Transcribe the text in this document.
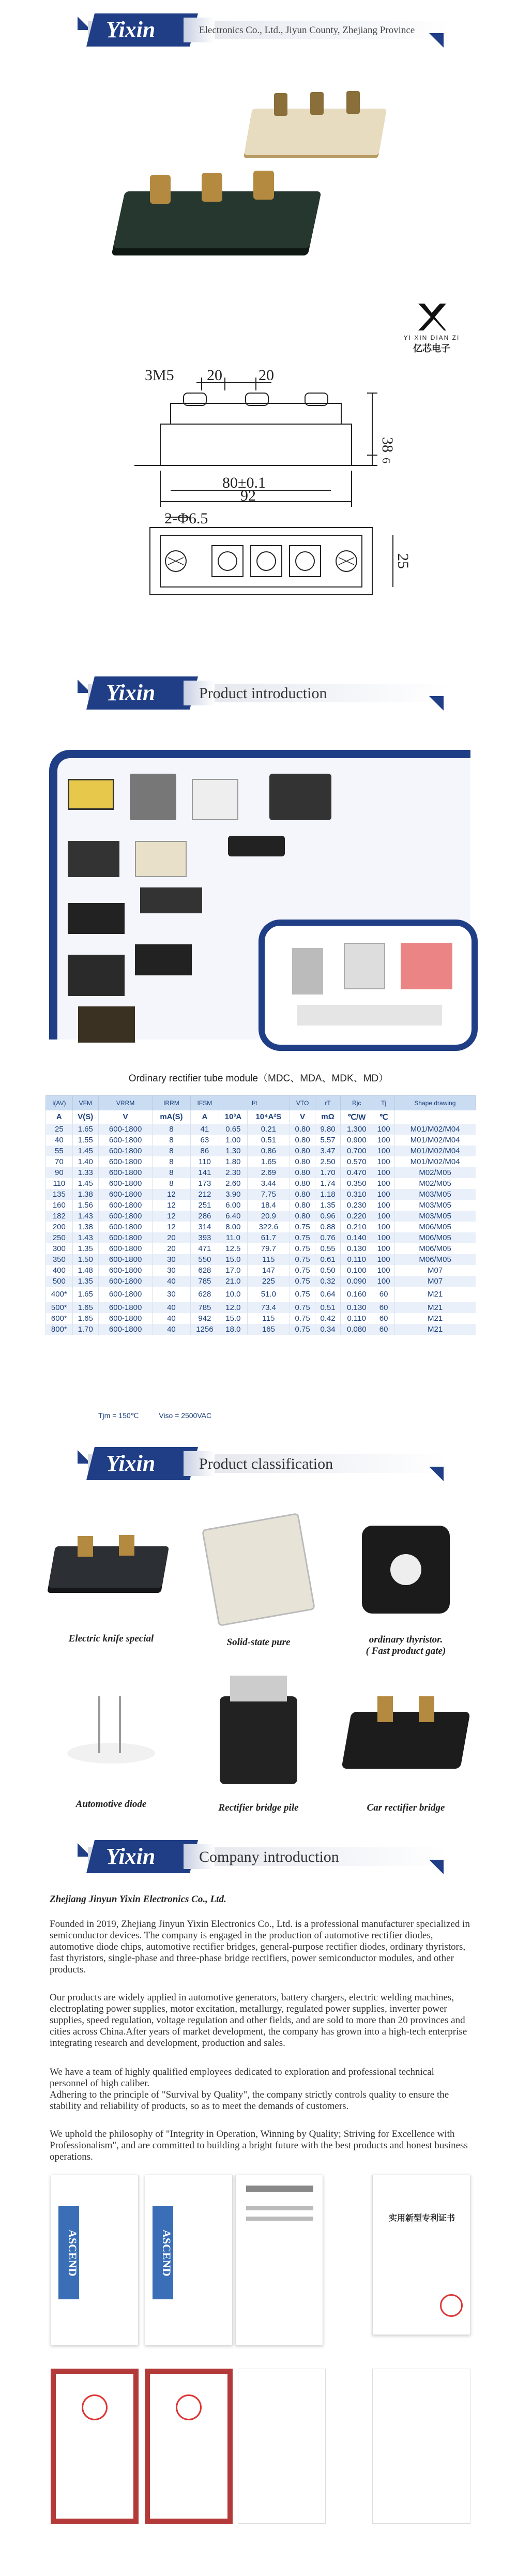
Yixin	Electronics Co., Ltd., Jiyun County, Zhejiang Province
YI XIN DIAN ZI
亿芯电子
3M5 20 20
38
6
80±0.1
92
2-Φ6.5
25
Yixin	Product introduction
Ordinary rectifier tube module（MDC、MDA、MDK、MD）
I(AV)	VFM	VRRM	IRRM	IFSM	I²t		VTO	rT	Rjc	Tj	Shape drawing
A	V(S)	V	mA(S)	A	10³A	10⁴A²S	V	mΩ	℃/W	℃	
25	1.65	600-1800	8	41	0.65	0.21	0.80	9.80	1.300	100	M01/M02/M04
40	1.55	600-1800	8	63	1.00	0.51	0.80	5.57	0.900	100	M01/M02/M04
55	1.45	600-1800	8	86	1.30	0.86	0.80	3.47	0.700	100	M01/M02/M04
70	1.40	600-1800	8	110	1.80	1.65	0.80	2.50	0.570	100	M01/M02/M04
90	1.33	600-1800	8	141	2.30	2.69	0.80	1.70	0.470	100	M02/M05
110	1.45	600-1800	8	173	2.60	3.44	0.80	1.74	0.350	100	M02/M05
135	1.38	600-1800	12	212	3.90	7.75	0.80	1.18	0.310	100	M03/M05
160	1.56	600-1800	12	251	6.00	18.4	0.80	1.35	0.230	100	M03/M05
182	1.43	600-1800	12	286	6.40	20.9	0.80	0.96	0.220	100	M03/M05
200	1.38	600-1800	12	314	8.00	322.6	0.75	0.88	0.210	100	M06/M05
250	1.43	600-1800	20	393	11.0	61.7	0.75	0.76	0.140	100	M06/M05
300	1.35	600-1800	20	471	12.5	79.7	0.75	0.55	0.130	100	M06/M05
350	1.50	600-1800	30	550	15.0	115	0.75	0.61	0.110	100	M06/M05
400	1.48	600-1800	30	628	17.0	147	0.75	0.50	0.100	100	M07
500	1.35	600-1800	40	785	21.0	225	0.75	0.32	0.090	100	M07
400*	1.65	600-1800	30	628	10.0	51.0	0.75	0.64	0.160	60	M21
500*	1.65	600-1800	40	785	12.0	73.4	0.75	0.51	0.130	60	M21
600*	1.65	600-1800	40	942	15.0	115	0.75	0.42	0.110	60	M21
800*	1.70	600-1800	40	1256	18.0	165	0.75	0.34	0.080	60	M21
Tjm = 150℃          Viso = 2500VAC
Yixin	Product classification
Electric knife special	Solid-state pure	ordinary thyristor.
( Fast product gate)
Automotive diode	Rectifier bridge pile	Car rectifier bridge
Yixin	Company introduction
Zhejiang Jinyun Yixin Electronics Co., Ltd.
Founded in 2019, Zhejiang Jinyun Yixin Electronics Co., Ltd. is a professional manufacturer specialized in semiconductor devices. The company is engaged in the production of automotive rectifier diodes, automotive diode chips, automotive rectifier bridges, general-purpose rectifier diodes, ordinary thyristors, fast thyristors, single-phase and three-phase bridge rectifiers, power semiconductor modules, and other products.
Our products are widely applied in automotive generators, battery chargers, electric welding machines, electroplating power supplies, motor excitation, metallurgy, regulated power supplies, inverter power supplies, speed regulation, voltage regulation and other fields, and are sold to more than 20 provinces and cities across China.After years of market development, the company has grown into a high-tech enterprise integrating research and development, production and sales.
We have a team of highly qualified employees dedicated to exploration and professional technical personnel of high caliber.
Adhering to the principle of "Survival by Quality", the company strictly controls quality to ensure the stability and reliability of products, so as to meet the demands of customers.
We uphold the philosophy of "Integrity in Operation, Winning by Quality; Striving for Excellence with Professionalism", and are committed to building a bright future with the best products and honest business operations.
ASCEND	ASCEND
实用新型专利证书
